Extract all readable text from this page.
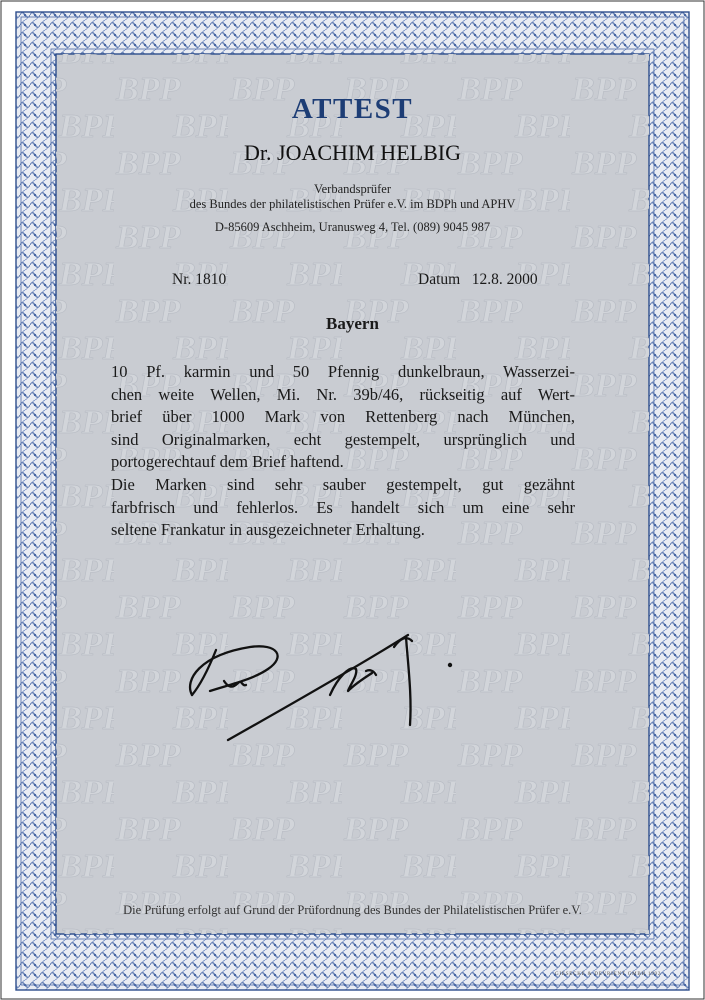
ATTEST
Dr. JOACHIM HELBIG

Verbandsprüfer

des Bundes der philatelistischen Prüfer e.V. im BDPh und APHV

D-85609 Aschheim, Uranusweg 4, Tel. (089) 9045 987

Nr. 1810	Datum   12.8. 2000

Bayern

10 Pf. karmin und 50 Pfennig dunkelbraun, Wasserzei-
chen weite Wellen, Mi. Nr. 39b/46, rückseitig auf Wert-
brief über 1000 Mark von Rettenberg nach München,
sind Originalmarken, echt gestempelt, ursprünglich und
portogerechtauf dem Brief haftend.
Die Marken sind sehr sauber gestempelt, gut gezähnt
farbfrisch und fehlerlos. Es handelt sich um eine sehr
seltene Frankatur in ausgezeichneter Erhaltung.

Die Prüfung erfolgt auf Grund der Prüfordnung des Bundes der Philatelistischen Prüfer e.V.

GIESECKE & DEVRIENT GMBH 1992
